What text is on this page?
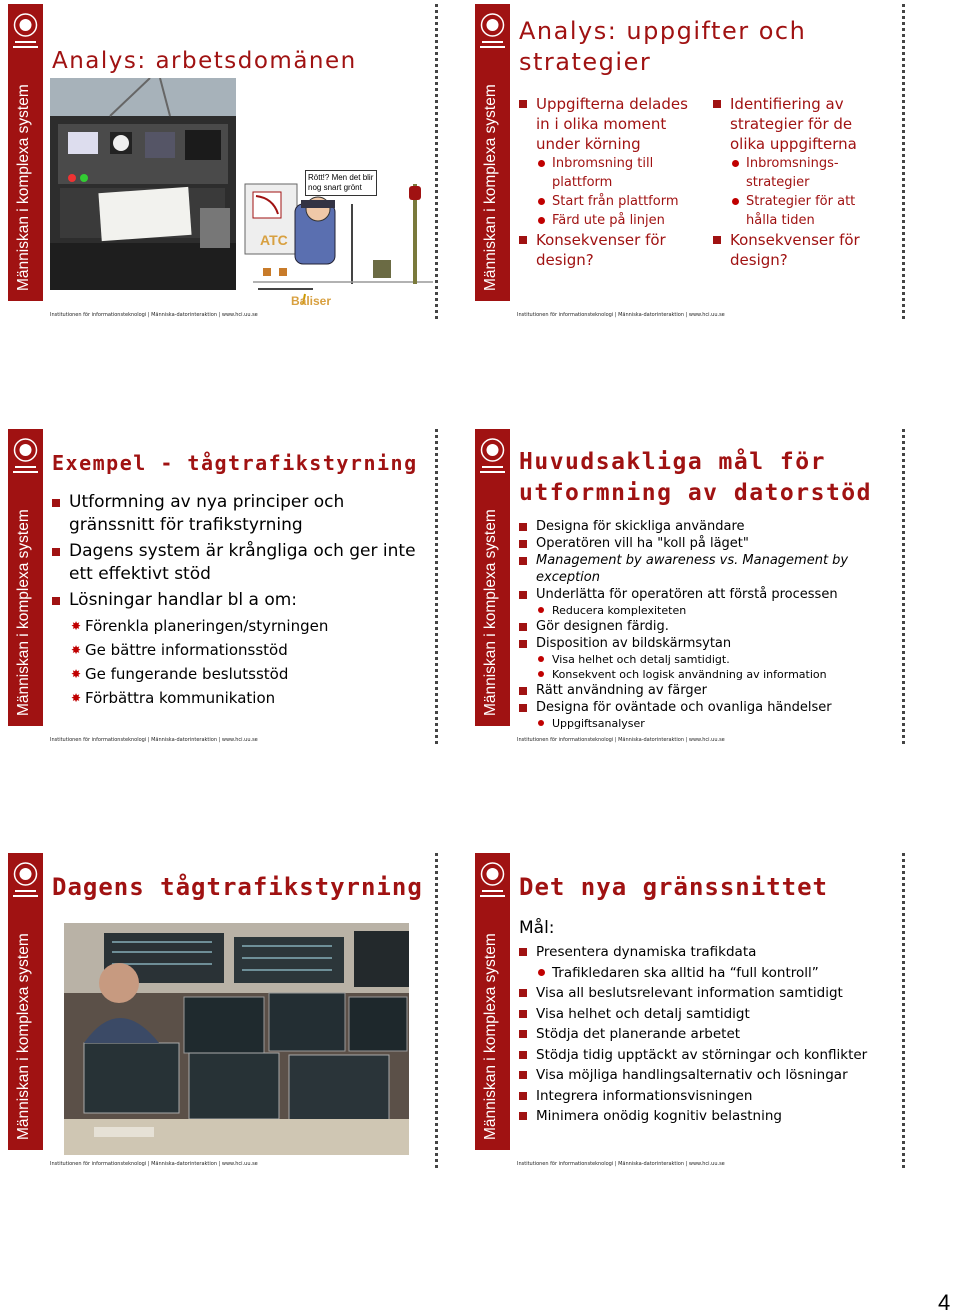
Människan i komplexa system
Analys: arbetsdomänen
Rött!? Men det blir nog snart grönt
ATC
Baliser
Institutionen för informationsteknologi | Människa-datorinteraktion | www.hci.uu.se
Människan i komplexa system
Analys: uppgifter och
strategier
Uppgifterna delades in i olika moment under körning
Inbromsning till plattform
Start från plattform
Färd ute på linjen
Konsekvenser för design?
Identifiering av strategier för de olika uppgifterna
Inbromsnings-strategier
Strategier för att hålla tiden
Konsekvenser för design?
Institutionen för informationsteknologi | Människa-datorinteraktion | www.hci.uu.se
Människan i komplexa system
Exempel - tågtrafikstyrning
Utformning av nya principer och gränssnitt för trafikstyrning
Dagens system är krångliga och ger inte ett effektivt stöd
Lösningar handlar bl a om:
✸ Förenkla planeringen/styrningen
✸ Ge bättre informationsstöd
✸ Ge fungerande beslutsstöd
✸ Förbättra kommunikation
Institutionen för informationsteknologi | Människa-datorinteraktion | www.hci.uu.se
Människan i komplexa system
Huvudsakliga mål för
utformning av datorstöd
Designa för skickliga användare
Operatören vill ha "koll på läget"
Management by awareness vs. Management by exception
Underlätta för operatören att förstå processen
Reducera komplexiteten
Gör designen färdig.
Disposition av bildskärmsytan
Visa helhet och detalj samtidigt.
Konsekvent och logisk användning av information
Rätt användning av färger
Designa för oväntade och ovanliga händelser
Uppgiftsanalyser
Institutionen för informationsteknologi | Människa-datorinteraktion | www.hci.uu.se
Människan i komplexa system
Dagens tågtrafikstyrning
Institutionen för informationsteknologi | Människa-datorinteraktion | www.hci.uu.se
Människan i komplexa system
Det nya gränssnittet
Mål:
Presentera dynamiska trafikdata
Trafikledaren ska alltid ha “full kontroll”
Visa all beslutsrelevant information samtidigt
Visa helhet och detalj samtidigt
Stödja det planerande arbetet
Stödja tidig upptäckt av störningar och konflikter
Visa möjliga handlingsalternativ och lösningar
Integrera informationsvisningen
Minimera onödig kognitiv belastning
Institutionen för informationsteknologi | Människa-datorinteraktion | www.hci.uu.se
4
